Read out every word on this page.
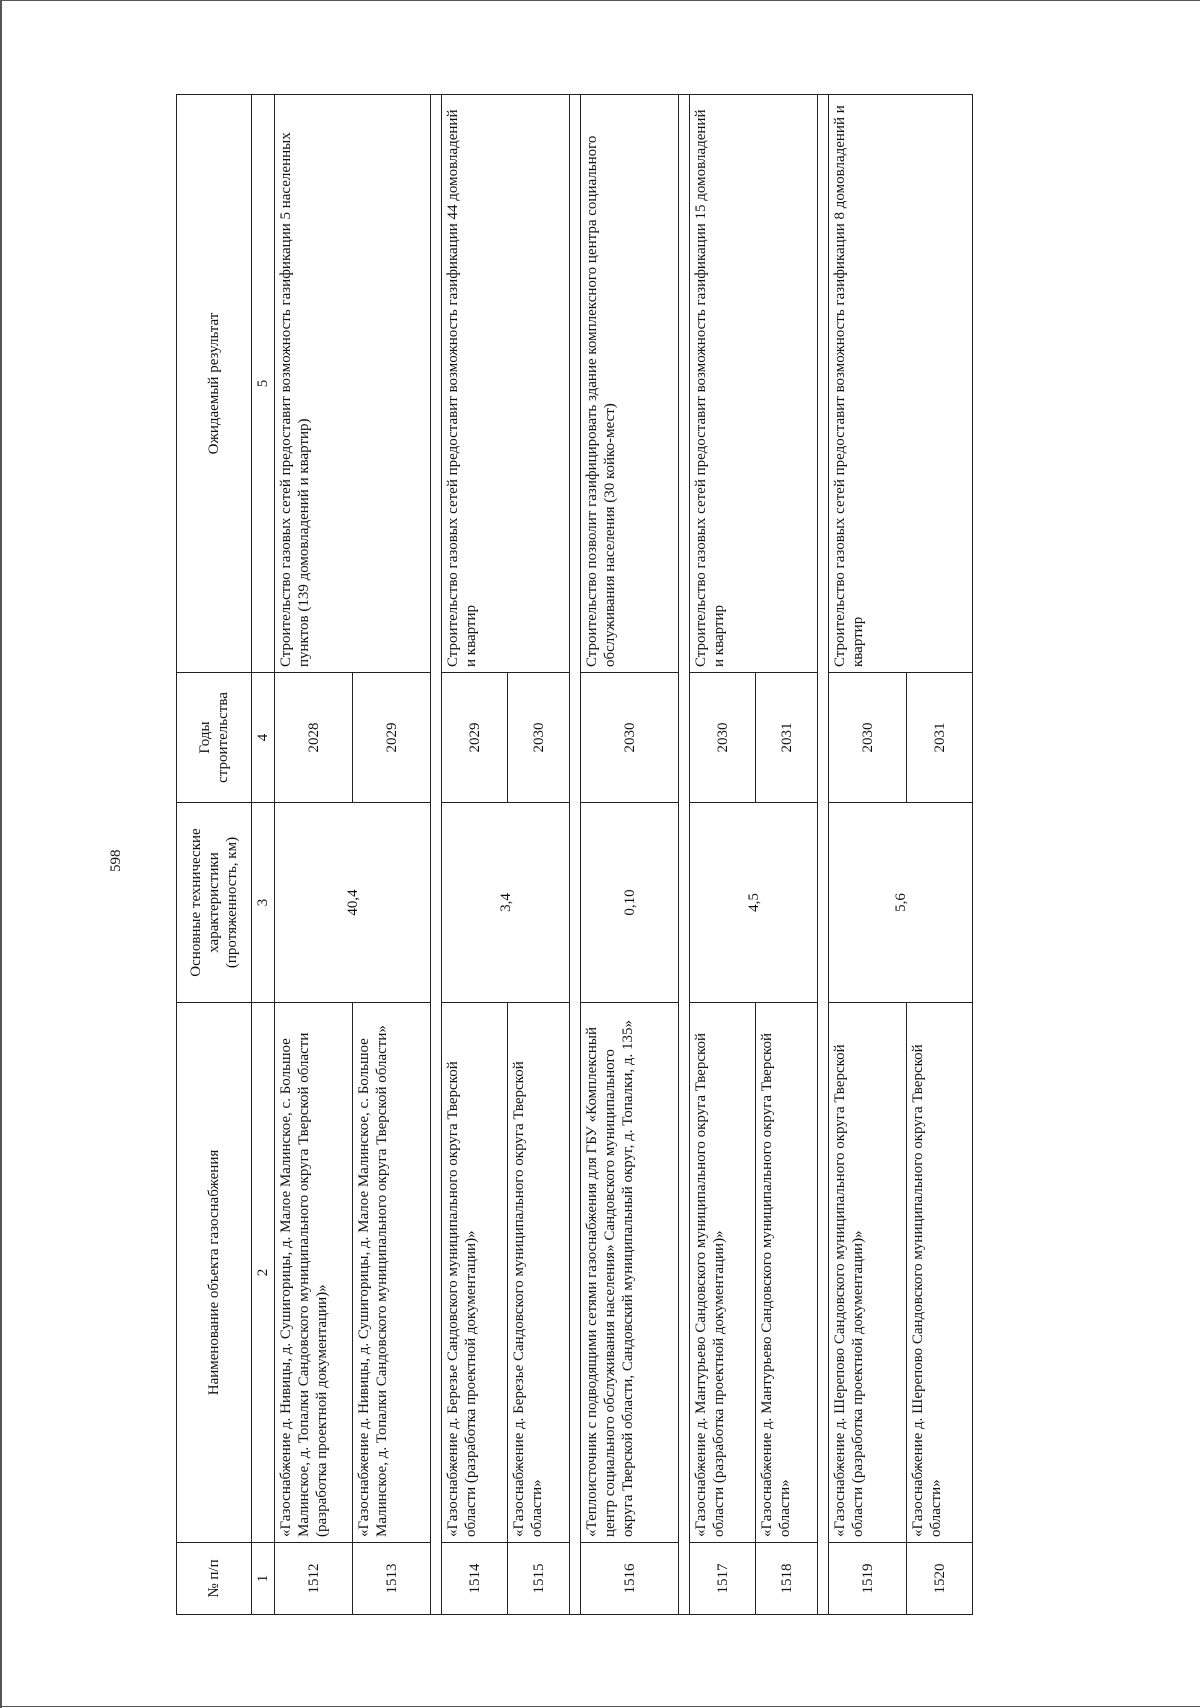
598
№ п/п	Наименование объекта газоснабжения	Основные технические характеристики (протяженность, км)	Годы строительства	Ожидаемый результат
1	2	3	4	5
1512	«Газоснабжение д. Нивицы, д. Сушигорицы, д. Малое Малинское, с. Большое Малинское, д. Топалки Сандовского муниципального округа Тверской области (разработка проектной документации)»	40,4	2028	Строительство газовых сетей предоставит возможность газификации 5 населенных пунктов (139 домовладений и квартир)
1513	«Газоснабжение д. Нивицы, д. Сушигорицы, д. Малое Малинское, с. Большое Малинское, д. Топалки Сандовского муниципального округа Тверской области»		2029	

1514	«Газоснабжение д. Березье Сандовского муниципального округа Тверской области (разработка проектной документации)»	3,4	2029	Строительство газовых сетей предоставит возможность газификации 44 домовладений и квартир
1515	«Газоснабжение д. Березье Сандовского муниципального округа Тверской области»		2030	

1516	«Теплоисточник с подводящими сетями газоснабжения для ГБУ «Комплексный центр социального обслуживания населения» Сандовского муниципального округа Тверской области, Сандовский муниципальный округ, д. Топалки, д. 135»	0,10	2030	Строительство позволит газифицировать здание комплексного центра социального обслуживания населения (30 койко-мест)

1517	«Газоснабжение д. Мантурьево Сандовского муниципального округа Тверской области (разработка проектной документации)»	4,5	2030	Строительство газовых сетей предоставит возможность газификации 15 домовладений и квартир
1518	«Газоснабжение д. Мантурьево Сандовского муниципального округа Тверской области»		2031	

1519	«Газоснабжение д. Шерепово Сандовского муниципального округа Тверской области (разработка проектной документации)»	5,6	2030	Строительство газовых сетей предоставит возможность газификации 8 домовладений и квартир
1520	«Газоснабжение д. Шерепово Сандовского муниципального округа Тверской области»		2031	
